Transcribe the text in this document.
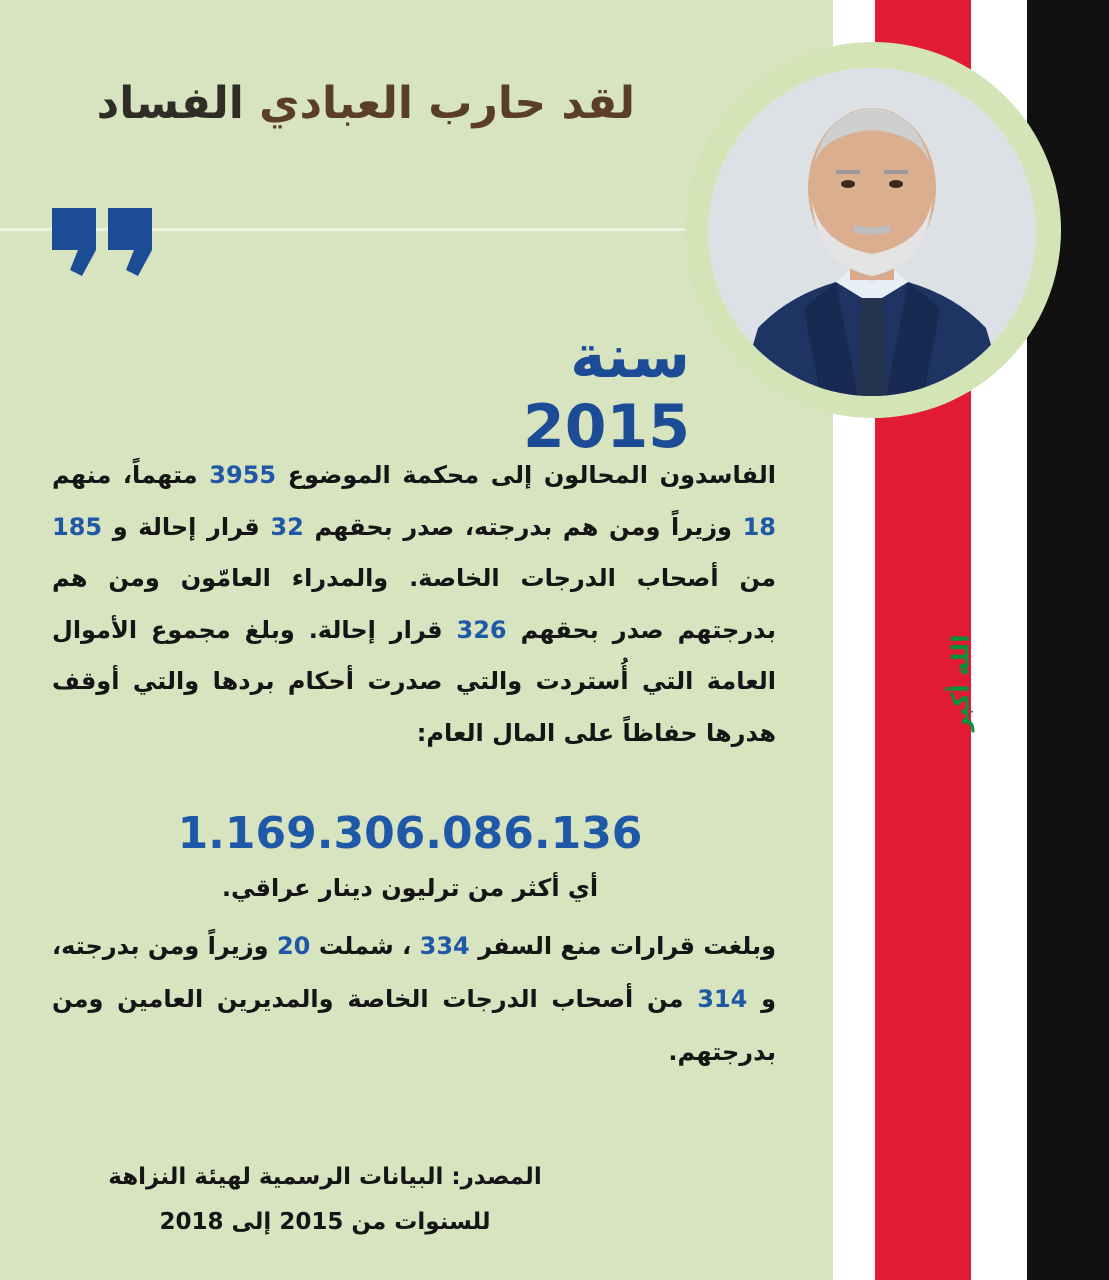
الله أكبر
لقد حارب العبادي الفساد
سنة 2015

الفاسدون المحالون إلى محكمة الموضوع 3955 متهماً، منهم 18 وزيراً ومن هم بدرجته، صدر بحقهم 32 قرار إحالة و 185 من أصحاب الدرجات الخاصة. والمدراء العامّون ومن هم بدرجتهم صدر بحقهم 326 قرار إحالة. وبلغ مجموع الأموال العامة التي أُستردت والتي صدرت أحكام بردها والتي أوقف هدرها حفاظاً على المال العام:

1.169.306.086.136
أي أكثر من ترليون دينار عراقي.

وبلغت قرارات منع السفر 334 ، شملت 20 وزيراً ومن بدرجته، و 314 من أصحاب الدرجات الخاصة والمديرين العامين ومن بدرجتهم.

المصدر: البيانات الرسمية لهيئة النزاهة
للسنوات من 2015 إلى 2018
